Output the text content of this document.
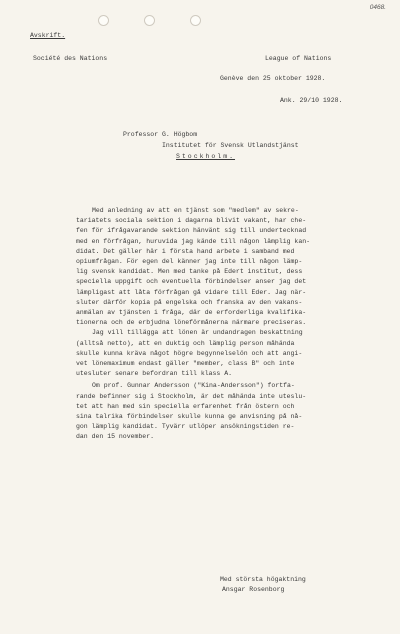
0468.
Avskrift.
Société des Nations	League of Nations
Genève den 25 oktober 1928.
Ank. 29/10 1928.
Professor G. Högbom
Institutet för Svensk Utlandstjänst
Stockholm.

Med anledning av att en tjänst som "medlem" av sekre-

tariatets sociala sektion i dagarna blivit vakant, har che-

fen för ifrågavarande sektion hänvänt sig till undertecknad

med en förfrågan, huruvida jag kände till någon lämplig kan-

didat. Det gäller här i första hand arbete i samband med

opiumfrågan. För egen del känner jag inte till någon lämp-

lig svensk kandidat. Men med tanke på Edert institut, dess

speciella uppgift och eventuella förbindelser anser jag det

lämpligast att låta förfrågan gå vidare till Eder. Jag när-

sluter därför kopia på engelska och franska av den vakans-

anmälan av tjänsten i fråga, där de erforderliga kvalifika-

tionerna och de erbjudna löneförmånerna närmare preciseras.

Jag vill tillägga att lönen är undandragen beskattning

(alltså netto), att en duktig och lämplig person måhända

skulle kunna kräva något högre begynnelselön och att angi-

vet lönemaximum endast gäller "member, class B" och inte

utesluter senare befordran till klass A.

Om prof. Gunnar Andersson ("Kina-Andersson") fortfa-

rande befinner sig i Stockholm, är det måhända inte uteslu-

tet att han med sin speciella erfarenhet från östern och

sina talrika förbindelser skulle kunna ge anvisning på nå-

gon lämplig kandidat. Tyvärr utlöper ansökningstiden re-

dan den 15 november.

Med största högaktning
Ansgar Rosenborg
